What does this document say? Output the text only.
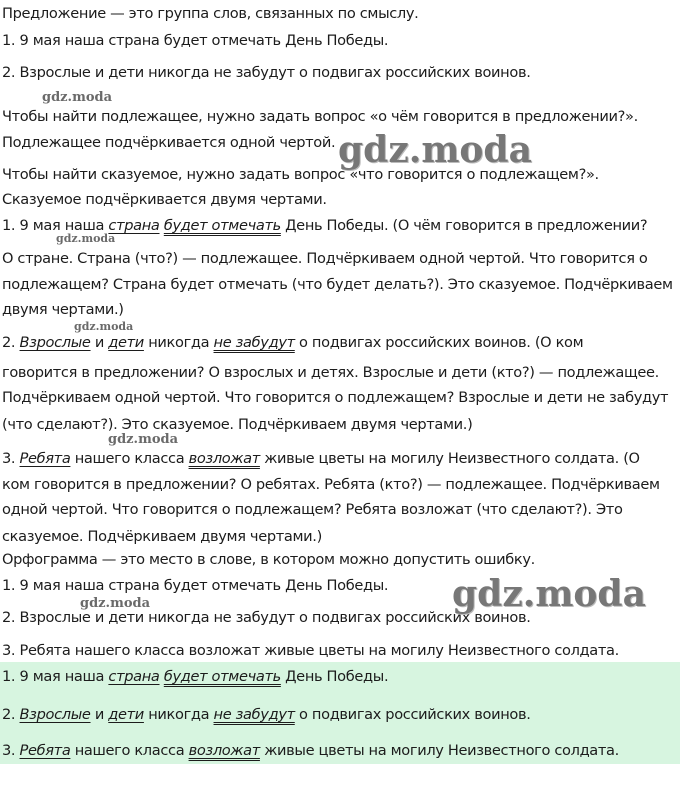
Предложение — это группа слов, связанных по смыслу.
1. 9 мая наша страна будет отмечать День Победы.
2. Взрослые и дети никогда не забудут о подвигах российских воинов.
Чтобы найти подлежащее, нужно задать вопрос «о чём говорится в предложении?».
Подлежащее подчёркивается одной чертой.
Чтобы найти сказуемое, нужно задать вопрос «что говорится о подлежащем?».
Сказуемое подчёркивается двумя чертами.
1. 9 мая наша страна будет отмечать День Победы. (О чём говорится в предложении?
О стране. Страна (что?) — подлежащее. Подчёркиваем одной чертой. Что говорится о
подлежащем? Страна будет отмечать (что будет делать?). Это сказуемое. Подчёркиваем
двумя чертами.)
2. Взрослые и дети никогда не забудут о подвигах российских воинов. (О ком
говорится в предложении? О взрослых и детях. Взрослые и дети (кто?) — подлежащее.
Подчёркиваем одной чертой. Что говорится о подлежащем? Взрослые и дети не забудут
(что сделают?). Это сказуемое. Подчёркиваем двумя чертами.)
3. Ребята нашего класса возложат живые цветы на могилу Неизвестного солдата. (О
ком говорится в предложении? О ребятах. Ребята (кто?) — подлежащее. Подчёркиваем
одной чертой. Что говорится о подлежащем? Ребята возложат (что сделают?). Это
сказуемое. Подчёркиваем двумя чертами.)
Орфограмма — это место в слове, в котором можно допустить ошибку.
1. 9 мая наша страна будет отмечать День Победы.
2. Взрослые и дети никогда не забудут о подвигах российских воинов.
3. Ребята нашего класса возложат живые цветы на могилу Неизвестного солдата.
1. 9 мая наша страна будет отмечать День Победы.
2. Взрослые и дети никогда не забудут о подвигах российских воинов.
3. Ребята нашего класса возложат живые цветы на могилу Неизвестного солдата.
gdz.moda
gdz.moda
gdz.moda
gdz.moda
gdz.moda
gdz.moda
gdz.moda
